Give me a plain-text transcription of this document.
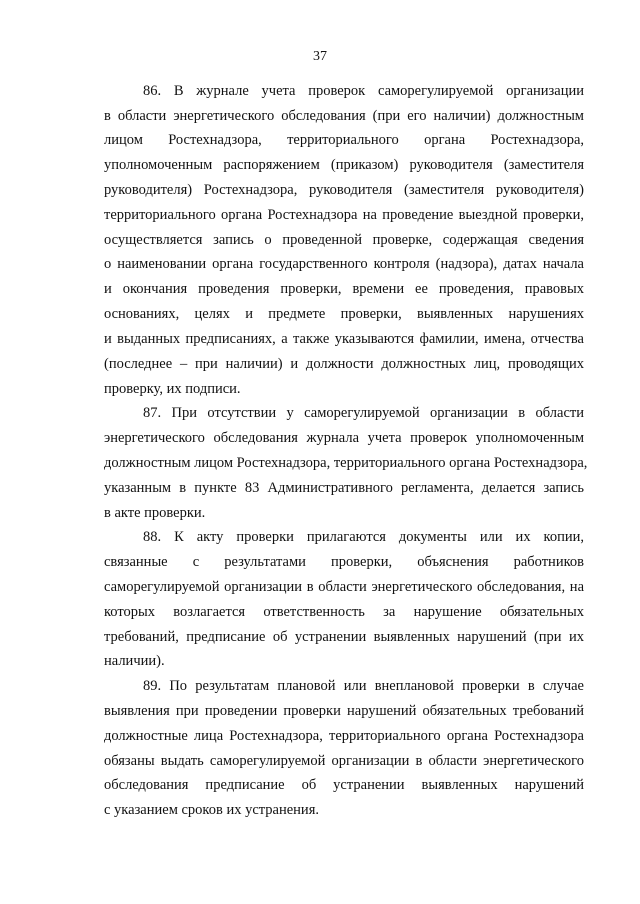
37
86. В журнале учета проверок саморегулируемой организации
в области энергетического обследования (при его наличии) должностным
лицом Ростехнадзора, территориального органа Ростехнадзора,
уполномоченным распоряжением (приказом) руководителя (заместителя
руководителя) Ростехнадзора, руководителя (заместителя руководителя)
территориального органа Ростехнадзора на проведение выездной проверки,
осуществляется запись о проведенной проверке, содержащая сведения
о наименовании органа государственного контроля (надзора), датах начала
и окончания проведения проверки, времени ее проведения, правовых
основаниях, целях и предмете проверки, выявленных нарушениях
и выданных предписаниях, а также указываются фамилии, имена, отчества
(последнее – при наличии) и должности должностных лиц, проводящих
проверку, их подписи.
87. При отсутствии у саморегулируемой организации в области
энергетического обследования журнала учета проверок уполномоченным
должностным лицом Ростехнадзора, территориального органа Ростехнадзора,
указанным в пункте 83 Административного регламента, делается запись
в акте проверки.
88. К акту проверки прилагаются документы или их копии,
связанные с результатами проверки, объяснения работников
саморегулируемой организации в области энергетического обследования, на
которых возлагается ответственность за нарушение обязательных
требований, предписание об устранении выявленных нарушений (при их
наличии).
89. По результатам плановой или внеплановой проверки в случае
выявления при проведении проверки нарушений обязательных требований
должностные лица Ростехнадзора, территориального органа Ростехнадзора
обязаны выдать саморегулируемой организации в области энергетического
обследования предписание об устранении выявленных нарушений
с указанием сроков их устранения.
